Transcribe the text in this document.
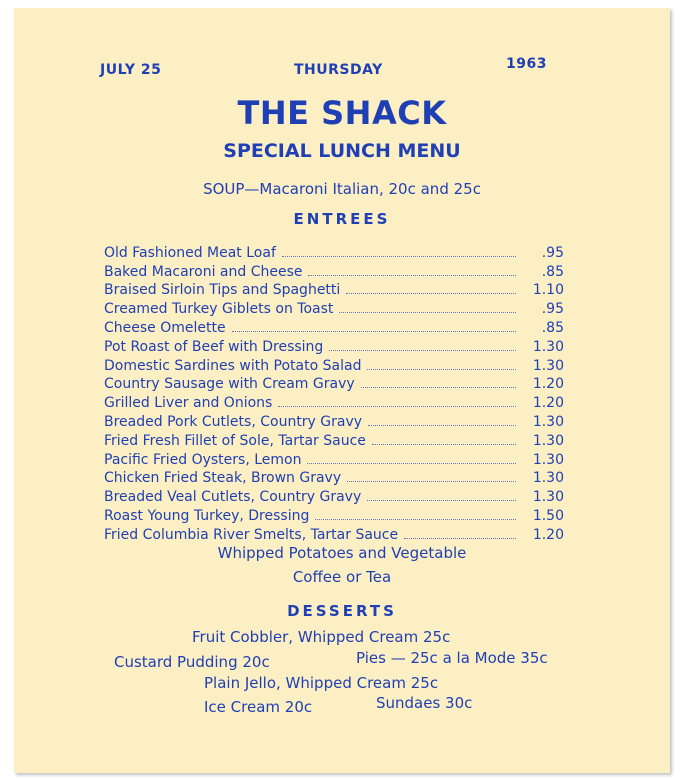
JULY 25	THURSDAY	1963
THE SHACK
SPECIAL LUNCH MENU
SOUP—Macaroni Italian, 20c and 25c
ENTREES
Old Fashioned Meat Loaf	.95
Baked Macaroni and Cheese	.85
Braised Sirloin Tips and Spaghetti	1.10
Creamed Turkey Giblets on Toast	.95
Cheese Omelette	.85
Pot Roast of Beef with Dressing	1.30
Domestic Sardines with Potato Salad	1.30
Country Sausage with Cream Gravy	1.20
Grilled Liver and Onions	1.20
Breaded Pork Cutlets, Country Gravy	1.30
Fried Fresh Fillet of Sole, Tartar Sauce	1.30
Pacific Fried Oysters, Lemon	1.30
Chicken Fried Steak, Brown Gravy	1.30
Breaded Veal Cutlets, Country Gravy	1.30
Roast Young Turkey, Dressing	1.50
Fried Columbia River Smelts, Tartar Sauce	1.20
Whipped Potatoes and Vegetable
Coffee or Tea
DESSERTS
Fruit Cobbler, Whipped Cream 25c
Custard Pudding 20c	Pies — 25c a la Mode 35c
Plain Jello, Whipped Cream 25c
Ice Cream 20c	Sundaes 30c
